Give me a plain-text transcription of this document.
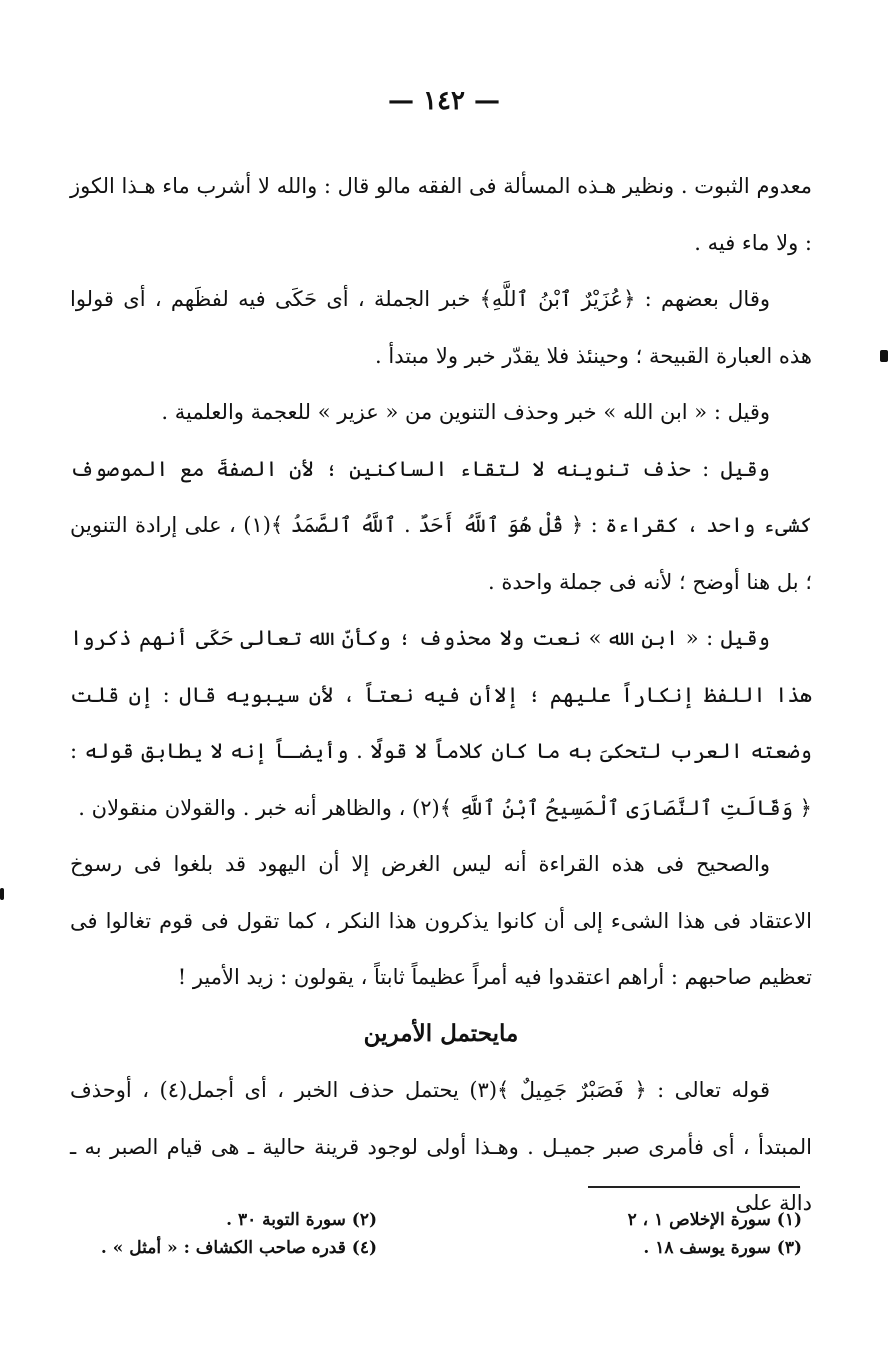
— ١٤٢ —

معدوم الثبوت . ونظير هـذه المسألة فى الفقه مالو قال : والله لا أشرب ماء هـذا الكوز : ولا ماء فيه .

وقال بعضهم : ﴿عُزَيْرٌ ٱبْنُ ٱللَّهِ﴾ خبر الجملة ، أى حَكَى فيه لفظَهم ، أى قولوا هذه العبارة القبيحة ؛ وحينئذ فلا يقدّر خبر ولا مبتدأ .

وقيل : « ابن الله » خبر وحذف التنوين من « عزير » للعجمة والعلمية .

وقيل : حذف تنوينه لا لتقاء الساكنين ؛ لأن الصفةَ مع الموصوف كشىء واحد ، كقراءة : ﴿ قُلْ هُوَ ٱللَّهُ أَحَدٌ . ٱللَّهُ ٱلصَّمَدُ ﴾(١) ، على إرادة التنوين ؛ بل هنا أوضح ؛ لأنه فى جملة واحدة .

وقيل : « ابن الله » نعت ولا محذوف ؛ وكأنّ الله تعالى حَكَى أنهم ذكروا هذا اللفظ إنكاراً عليهم ؛ إلاأن فيه نعتاً ، لأن سيبويه قال : إن قلت وضعته العرب لتحكىَ به ما كان كلاماً لا قولًا . وأيضـاً إنه لا يطابق قوله : ﴿ وَقَالَتِ ٱلنَّصَارَى ٱلْمَسِيحُ ٱبْنُ ٱللَّهِ ﴾(٢) ، والظاهر أنه خبر . والقولان منقولان .

والصحيح فى هذه القراءة أنه ليس الغرض إلا أن اليهود قد بلغوا فى رسوخ الاعتقاد فى هذا الشىء إلى أن كانوا يذكرون هذا النكر ، كما تقول فى قوم تغالوا فى تعظيم صاحبهم : أراهم اعتقدوا فيه أمراً عظيماً ثابتاً ، يقولون : زيد الأمير !

مايحتمل الأمرين

قوله تعالى : ﴿ فَصَبْرٌ جَمِيلٌ ﴾(٣) يحتمل حذف الخبر ، أى أجمل(٤) ، أوحذف المبتدأ ، أى فأمرى صبر جميـل . وهـذا أولى لوجود قرينة حالية ـ هى قيام الصبر به ـ دالة على

(١) سورة الإخلاص ١ ، ٢
(٣) سورة يوسف ١٨ .
(٢) سورة التوبة ٣٠ .
(٤) قدره صاحب الكشاف : « أمثل » .
